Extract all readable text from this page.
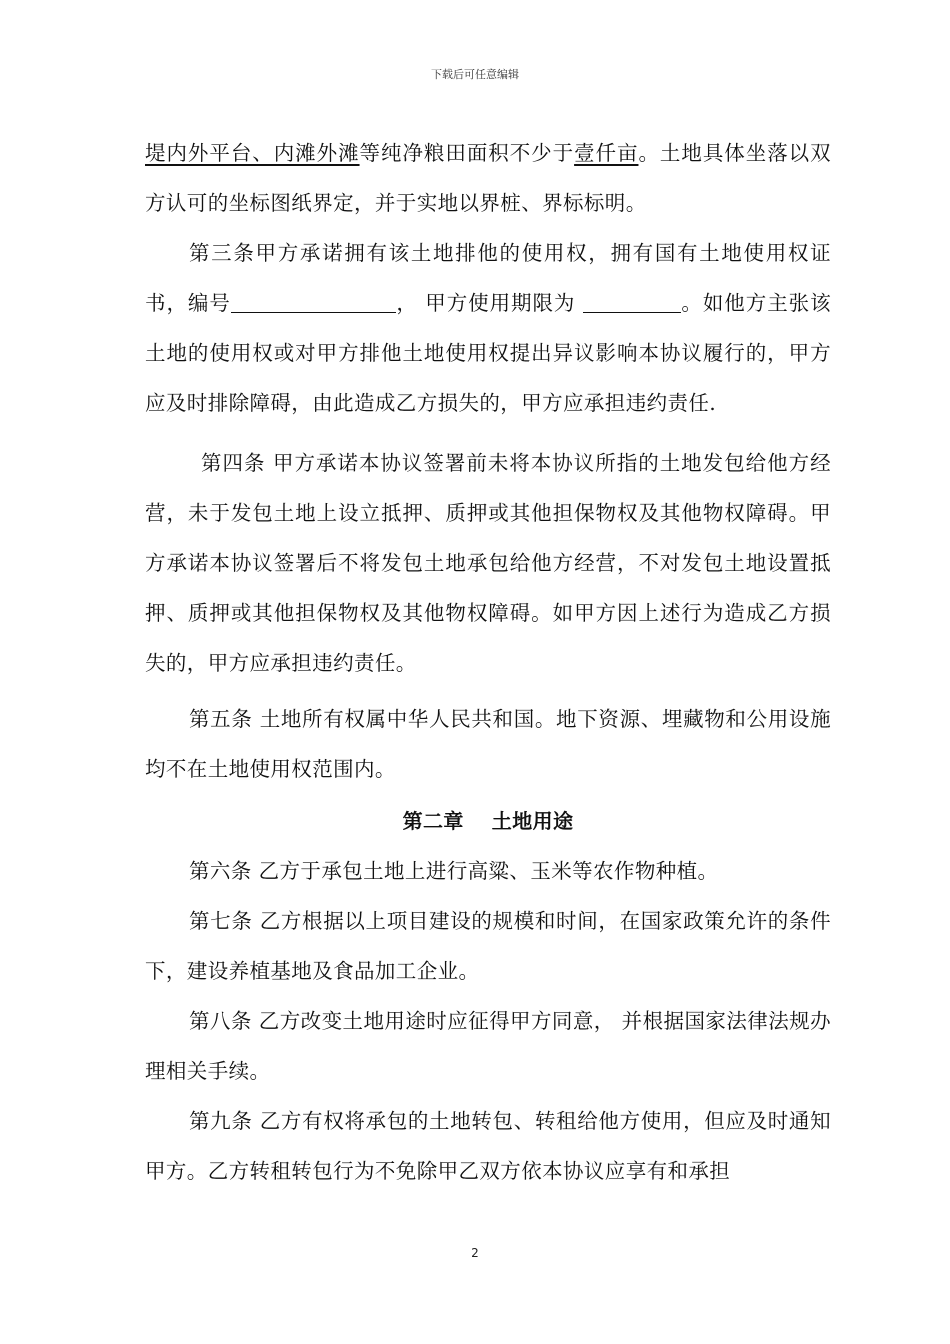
下载后可任意编辑

堤内外平台、内滩外滩等纯净粮田面积不少于壹仟亩。土地具体坐落以双方认可的坐标图纸界定，并于实地以界桩、界标标明。

第三条甲方承诺拥有该土地排他的使用权，拥有国有土地使用权证书，编号	， 甲方使用期限为	。如他方主张该土地的使用权或对甲方排他土地使用权提出异议影响本协议履行的，甲方应及时排除障碍，由此造成乙方损失的，甲方应承担违约责任.

第四条 甲方承诺本协议签署前未将本协议所指的土地发包给他方经营，未于发包土地上设立抵押、质押或其他担保物权及其他物权障碍。甲方承诺本协议签署后不将发包土地承包给他方经营，不对发包土地设置抵押、质押或其他担保物权及其他物权障碍。如甲方因上述行为造成乙方损失的，甲方应承担违约责任。

第五条 土地所有权属中华人民共和国。地下资源、埋藏物和公用设施均不在土地使用权范围内。

第二章 土地用途

第六条 乙方于承包土地上进行高粱、玉米等农作物种植。

第七条 乙方根据以上项目建设的规模和时间，在国家政策允许的条件下，建设养植基地及食品加工企业。

第八条 乙方改变土地用途时应征得甲方同意， 并根据国家法律法规办理相关手续。

第九条 乙方有权将承包的土地转包、转租给他方使用，但应及时通知甲方。乙方转租转包行为不免除甲乙双方依本协议应享有和承担

2
